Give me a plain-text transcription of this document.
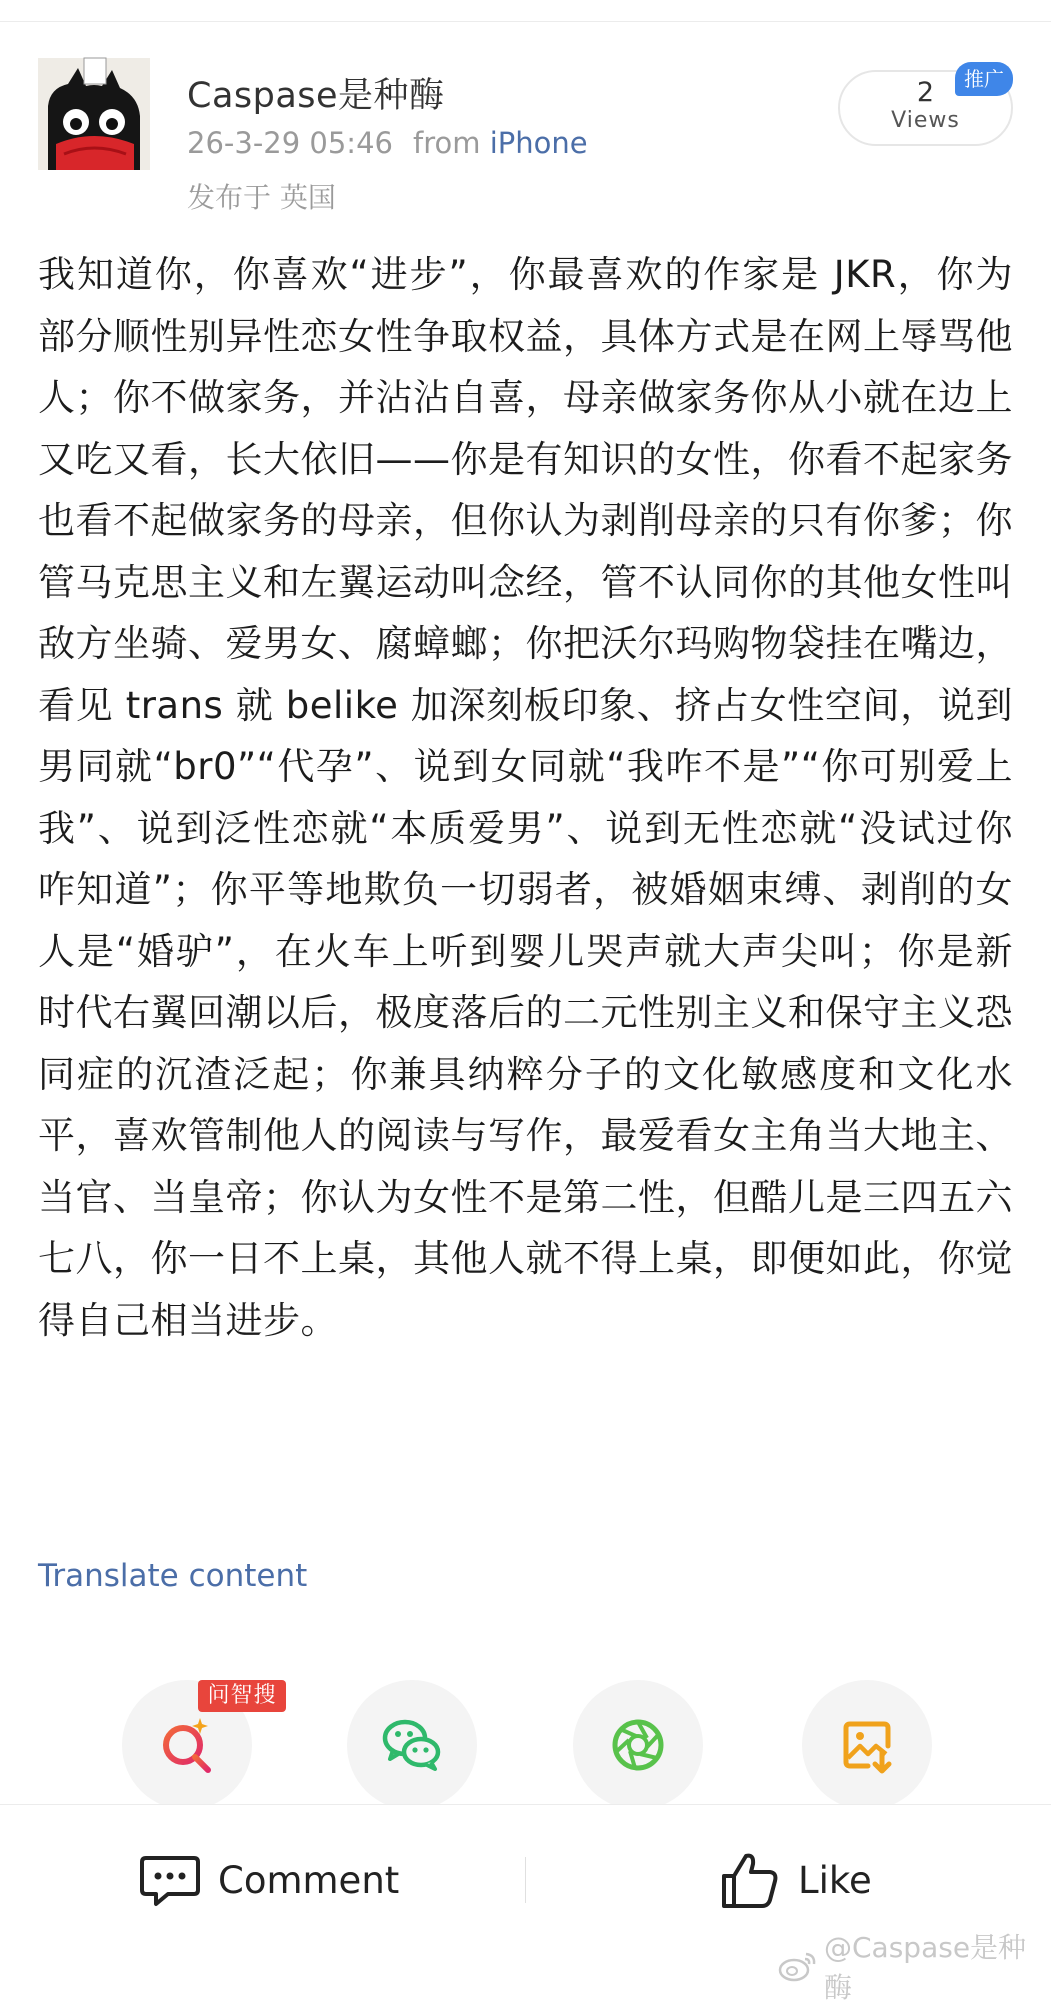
Caspase是种酶
26-3-29 05:46 from iPhone
发布于 英国
2
Views
推广
我知道你，你喜欢“进步”，你最喜欢的作家是 JKR，你为部分顺性别异性恋女性争取权益，具体方式是在网上辱骂他人；你不做家务，并沾沾自喜，母亲做家务你从小就在边上又吃又看，长大依旧——你是有知识的女性，你看不起家务也看不起做家务的母亲，但你认为剥削母亲的只有你爹；你管马克思主义和左翼运动叫念经，管不认同你的其他女性叫敌方坐骑、爱男女、腐蟑螂；你把沃尔玛购物袋挂在嘴边，看见 trans 就 belike 加深刻板印象、挤占女性空间，说到男同就“br0”“代孕”、说到女同就“我咋不是”“你可别爱上我”、说到泛性恋就“本质爱男”、说到无性恋就“没试过你咋知道”；你平等地欺负一切弱者，被婚姻束缚、剥削的女人是“婚驴”，在火车上听到婴儿哭声就大声尖叫；你是新时代右翼回潮以后，极度落后的二元性别主义和保守主义恐同症的沉渣泛起；你兼具纳粹分子的文化敏感度和文化水平，喜欢管制他人的阅读与写作，最爱看女主角当大地主、当官、当皇帝；你认为女性不是第二性，但酷儿是三四五六七八，你一日不上桌，其他人就不得上桌，即便如此，你觉得自己相当进步。
Translate content
问智搜
Comment	Like
@Caspase是种酶
